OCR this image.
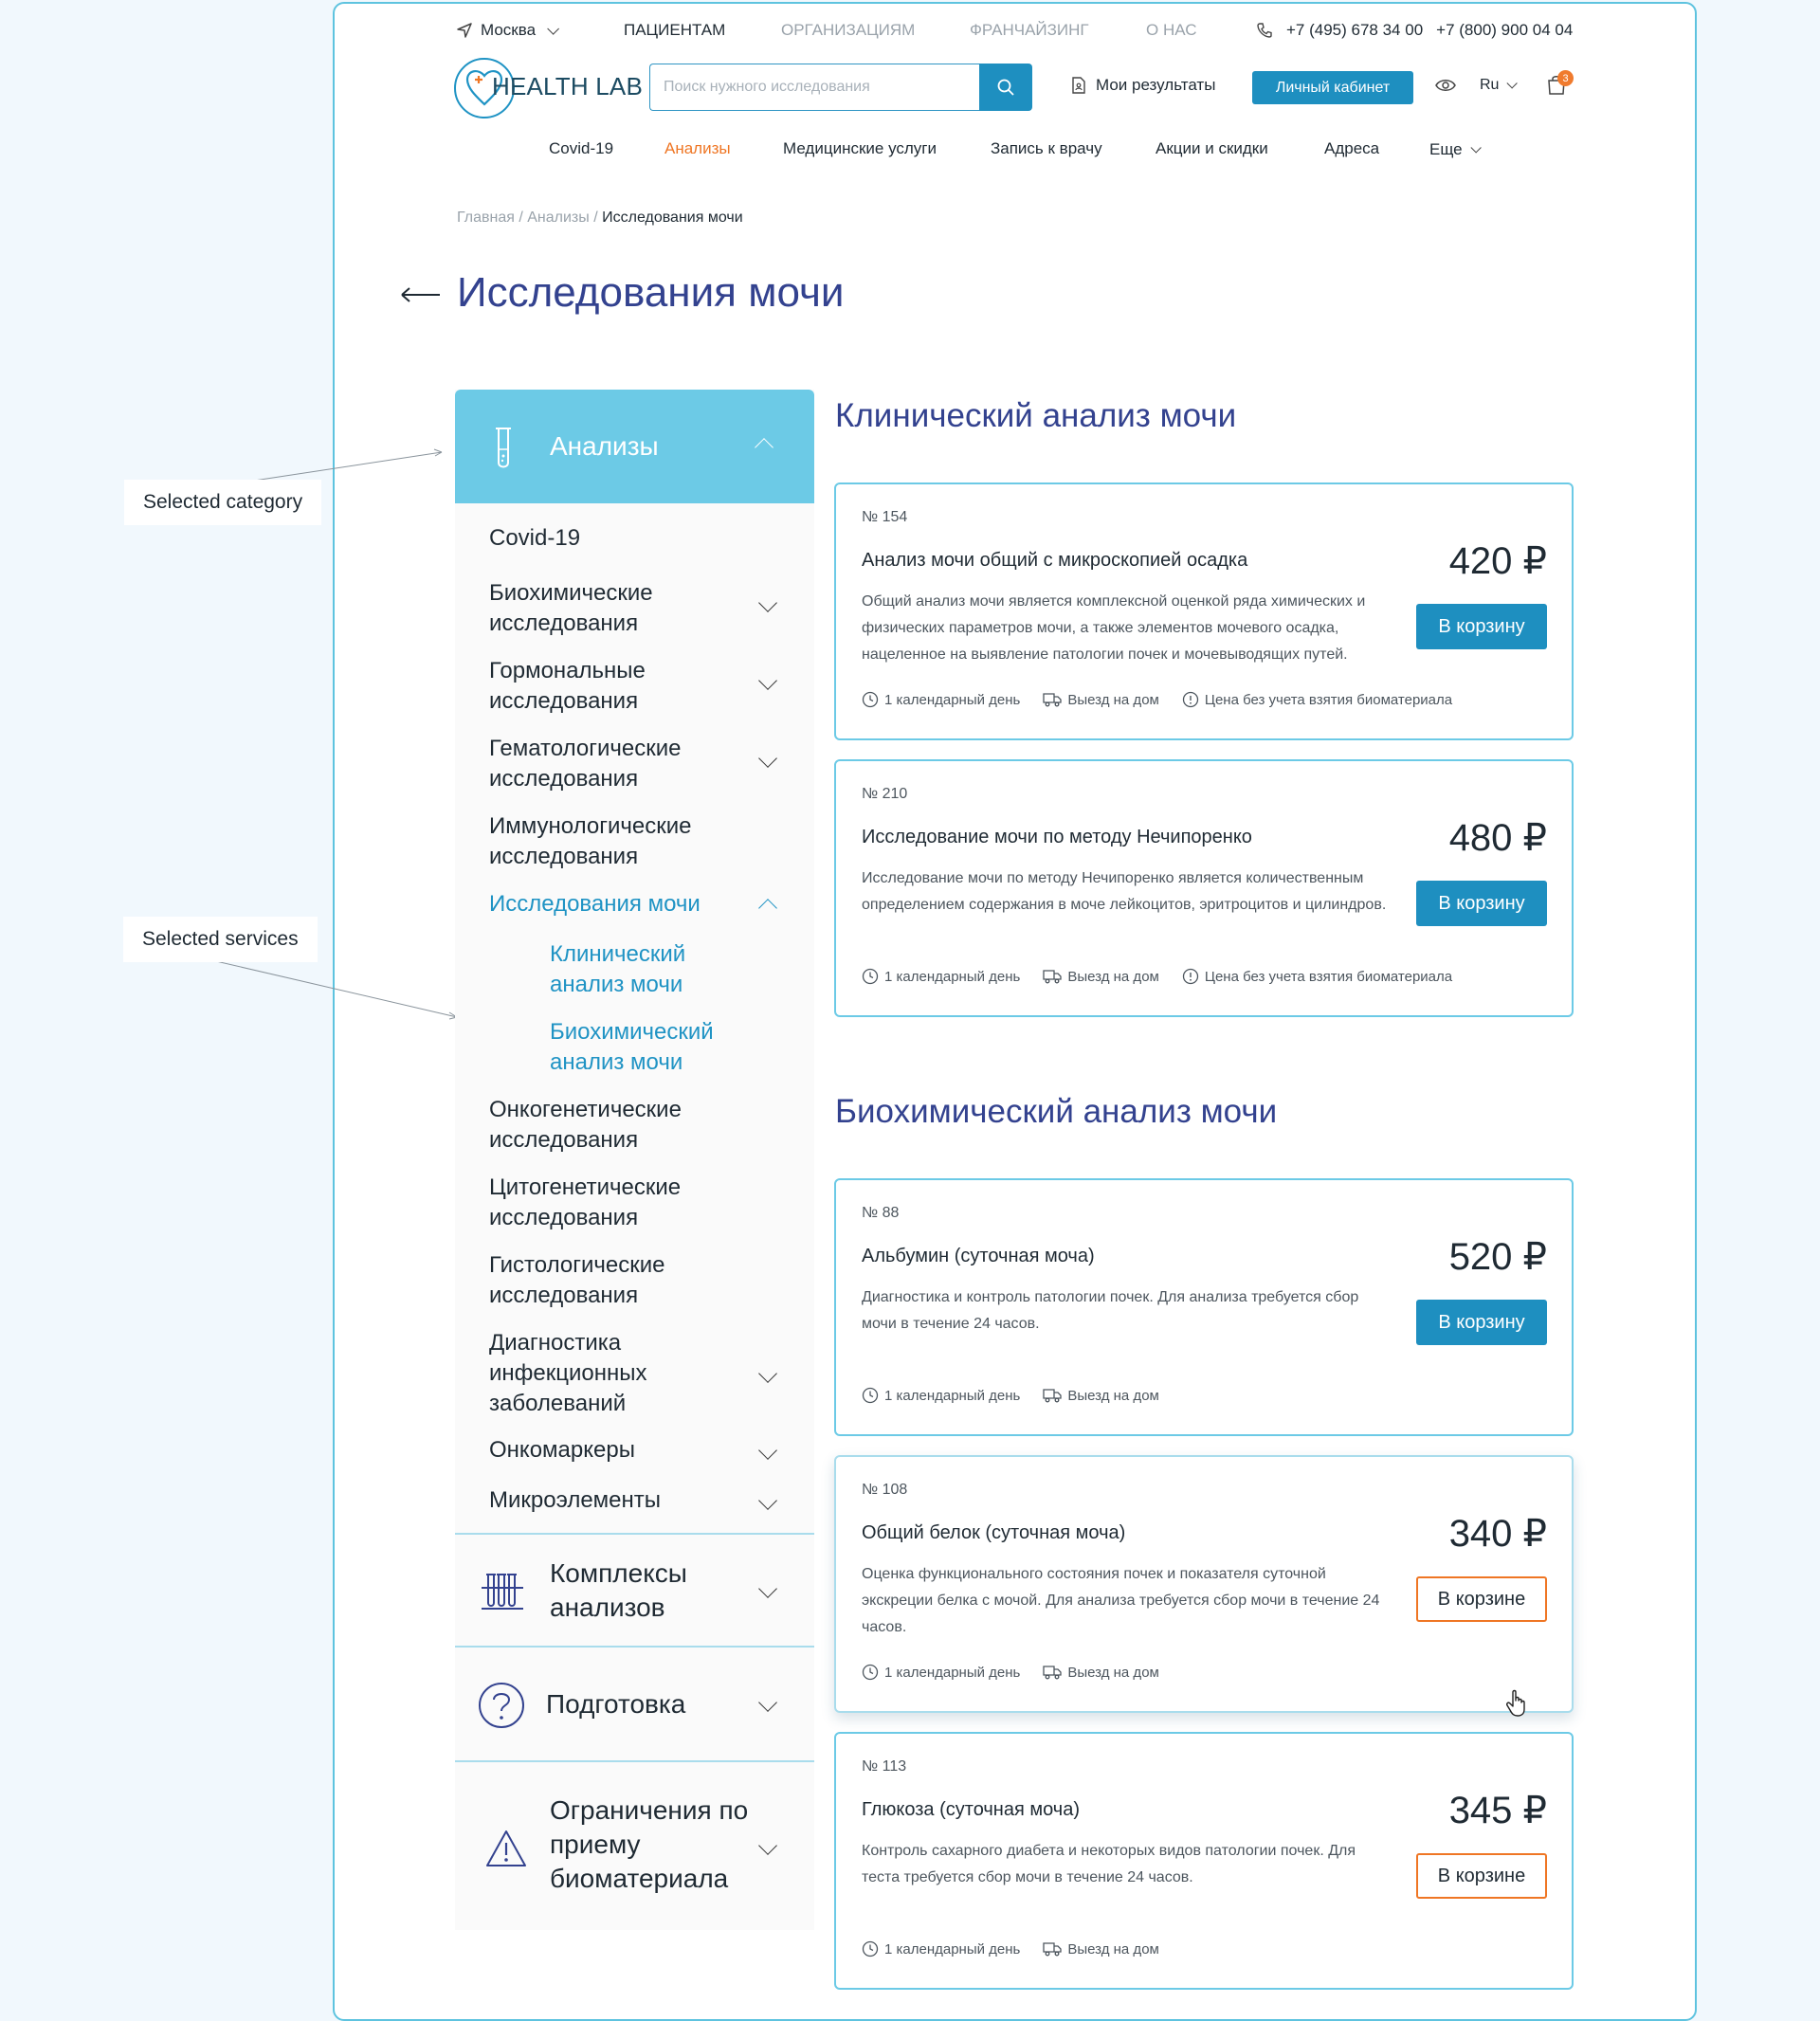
Москва	ПАЦИЕНТАМ	ОРГАНИЗАЦИЯМ	ФРАНЧАЙЗИНГ	О НАС	+7 (495) 678 34 00 +7 (800) 900 04 04
HEALTH LAB
Поиск нужного исследования	Мои результаты	Личный кабинет	Ru	3
Covid-19	Анализы	Медицинские услуги	Запись к врачу	Акции и скидки	Адреса	Еще
Главная / Анализы / Исследования мочи
Исследования мочи
Selected category
Selected services
Анализы
Covid-19
Биохимические исследования
Гормональные исследования
Гематологические исследования
Иммунологические исследования
Исследования мочи
Клинический анализ мочи
Биохимический анализ мочи
Онкогенетические исследования
Цитогенетические исследования
Гистологические исследования
Диагностика инфекционных заболеваний
Онкомаркеры
Микроэлементы
Комплексы анализов
Подготовка
Ограничения по приему биоматериала
Клинический анализ мочи
№ 154
Анализ мочи общий с микроскопией осадка
Общий анализ мочи является комплексной оценкой ряда химических и физических параметров мочи, а также элементов мочевого осадка, нацеленное на выявление патологии почек и мочевыводящих путей.
420 ₽
В корзину
1 календарный день	Выезд на дом	Цена без учета взятия биоматериала
№ 210
Исследование мочи по методу Нечипоренко
Исследование мочи по методу Нечипоренко является количественным определением содержания в моче лейкоцитов, эритроцитов и цилиндров.
480 ₽
В корзину
1 календарный день	Выезд на дом	Цена без учета взятия биоматериала
Биохимический анализ мочи
№ 88
Альбумин (суточная моча)
Диагностика и контроль патологии почек. Для анализа требуется сбор мочи в течение 24 часов.
520 ₽
В корзину
1 календарный день	Выезд на дом
№ 108
Общий белок (суточная моча)
Оценка функционального состояния почек и показателя суточной экскреции белка с мочой. Для анализа требуется сбор мочи в течение 24 часов.
340 ₽
В корзине
1 календарный день	Выезд на дом
№ 113
Глюкоза (суточная моча)
Контроль сахарного диабета и некоторых видов патологии почек. Для теста требуется сбор мочи в течение 24 часов.
345 ₽
В корзине
1 календарный день	Выезд на дом
